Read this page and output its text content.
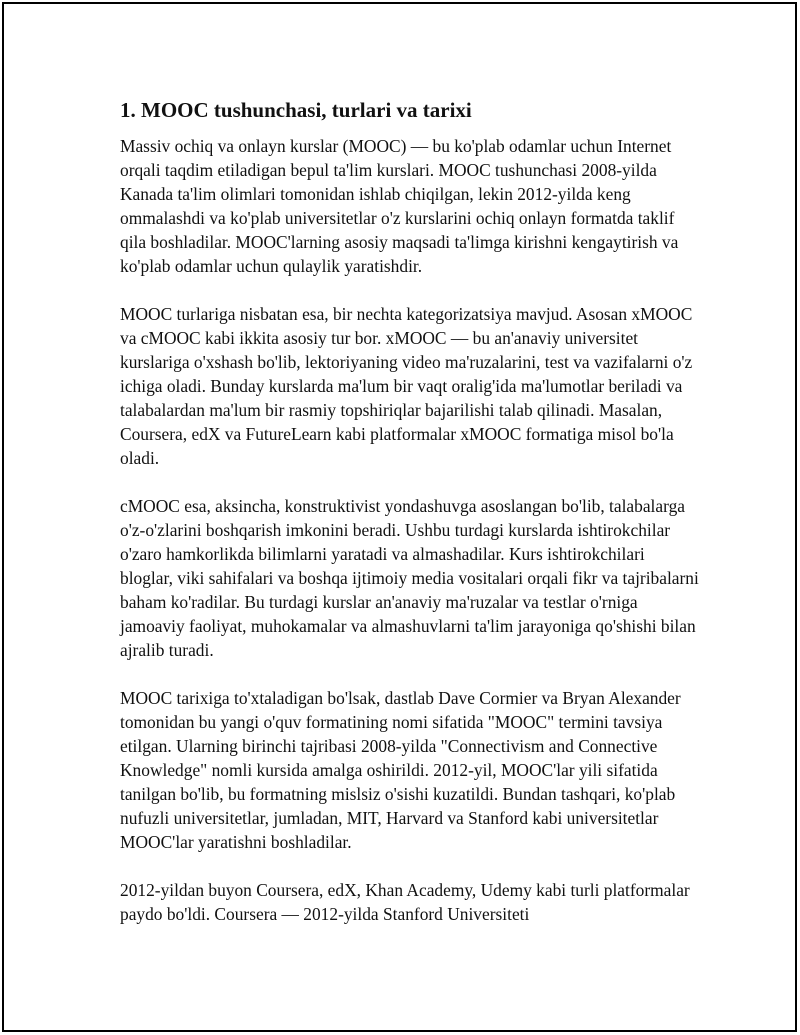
1. MOOC tushunchasi, turlari va tarixi

Massiv ochiq va onlayn kurslar (MOOC) — bu ko'plab odamlar uchun Internet orqali taqdim etiladigan bepul ta'lim kurslari. MOOC tushunchasi 2008-yilda Kanada ta'lim olimlari tomonidan ishlab chiqilgan, lekin 2012-yilda keng ommalashdi va ko'plab universitetlar o'z kurslarini ochiq onlayn formatda taklif qila boshladilar. MOOC'larning asosiy maqsadi ta'limga kirishni kengaytirish va ko'plab odamlar uchun qulaylik yaratishdir.

MOOC turlariga nisbatan esa, bir nechta kategorizatsiya mavjud. Asosan xMOOC va cMOOC kabi ikkita asosiy tur bor. xMOOC — bu an'anaviy universitet kurslariga o'xshash bo'lib, lektoriyaning video ma'ruzalarini, test va vazifalarni o'z ichiga oladi. Bunday kurslarda ma'lum bir vaqt oralig'ida ma'lumotlar beriladi va talabalardan ma'lum bir rasmiy topshiriqlar bajarilishi talab qilinadi. Masalan, Coursera, edX va FutureLearn kabi platformalar xMOOC formatiga misol bo'la oladi.

cMOOC esa, aksincha, konstruktivist yondashuvga asoslangan bo'lib, talabalarga o'z-o'zlarini boshqarish imkonini beradi. Ushbu turdagi kurslarda ishtirokchilar o'zaro hamkorlikda bilimlarni yaratadi va almashadilar. Kurs ishtirokchilari bloglar, viki sahifalari va boshqa ijtimoiy media vositalari orqali fikr va tajribalarni baham ko'radilar. Bu turdagi kurslar an'anaviy ma'ruzalar va testlar o'rniga jamoaviy faoliyat, muhokamalar va almashuvlarni ta'lim jarayoniga qo'shishi bilan ajralib turadi.

MOOC tarixiga to'xtaladigan bo'lsak, dastlab Dave Cormier va Bryan Alexander tomonidan bu yangi o'quv formatining nomi sifatida "MOOC" termini tavsiya etilgan. Ularning birinchi tajribasi 2008-yilda "Connectivism and Connective Knowledge" nomli kursida amalga oshirildi. 2012-yil, MOOC'lar yili sifatida tanilgan bo'lib, bu formatning mislsiz o'sishi kuzatildi. Bundan tashqari, ko'plab nufuzli universitetlar, jumladan, MIT, Harvard va Stanford kabi universitetlar MOOC'lar yaratishni boshladilar.

2012-yildan buyon Coursera, edX, Khan Academy, Udemy kabi turli platformalar paydo bo'ldi. Coursera — 2012-yilda Stanford Universiteti
